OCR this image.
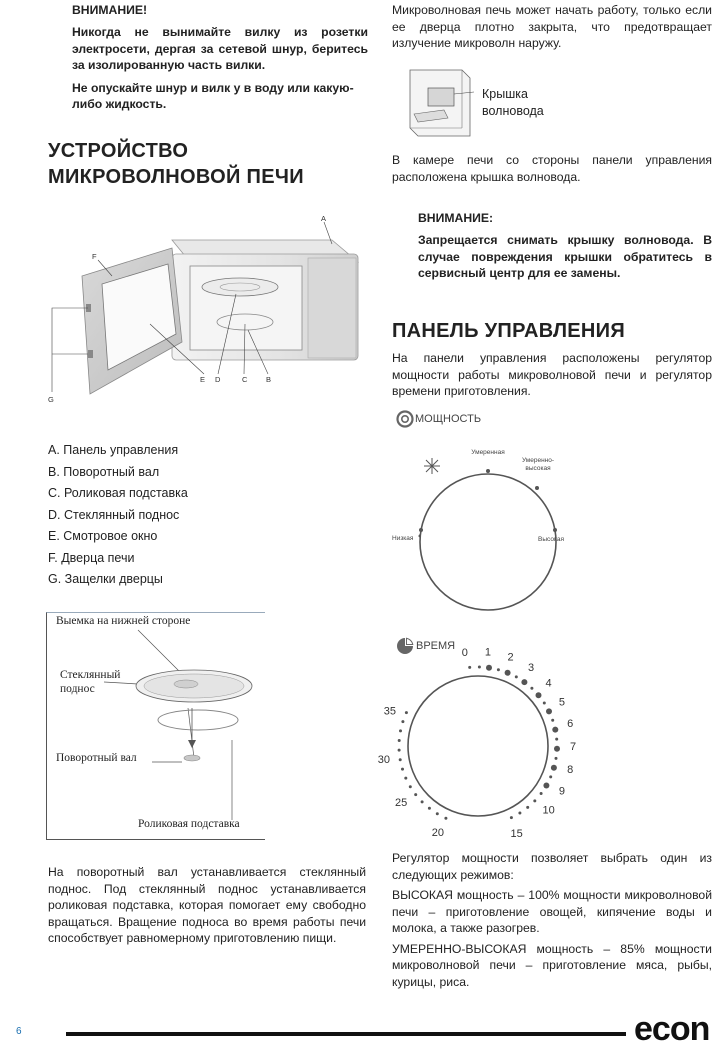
ВНИМАНИЕ!

Никогда не вынимайте вилку из розетки электросети, дергая за сетевой шнур, беритесь за изолированную часть вилки.

Не опускайте шнур и вилк у в воду или какую-либо жидкость.

УСТРОЙСТВО
МИКРОВОЛНОВОЙ ПЕЧИ
A
F
G
E D	C B
A. Панель управления
B. Поворотный вал
C. Роликовая подставка
D. Стеклянный поднос
E. Смотровое окно
F. Дверца печи
G. Защелки дверцы
Выемка на нижней стороне
Стеклянный
поднос
Поворотный вал
Роликовая подставка

На поворотный вал устанавливается стеклянный поднос. Под стеклянный поднос устанавливается роликовая подставка, которая помогает ему свободно вращаться. Вращение подноса во время работы печи способствует равномерному приготовлению пищи.

Микроволновая печь может начать работу, только если ее дверца плотно закрыта, что предотвращает излучение микроволн наружу.

Крышка
волновода

В камере печи со стороны панели управления расположена крышка волновода.

ВНИМАНИЕ:

Запрещается снимать крышку волновода. В случае повреждения крышки обратитесь в сервисный центр для ее замены.

ПАНЕЛЬ УПРАВЛЕНИЯ

На панели управления расположены регулятор мощности работы микроволновой печи и регулятор времени приготовления.

МОЩНОСТЬ
Умеренная
Умеренно-
высокая
Низкая	Высокая
ВРЕМЯ
0 1 2
3
4
5
6
7
8
9
10
15
20
25
30
35

Регулятор мощности позволяет выбрать один из следующих режимов:

ВЫСОКАЯ мощность – 100% мощности микроволновой печи – приготовление овощей, кипячение воды и молока, а также разогрев.

УМЕРЕННО-ВЫСОКАЯ мощность – 85% мощности микроволновой печи – приготовление мяса, рыбы, курицы, риса.

6	econ
